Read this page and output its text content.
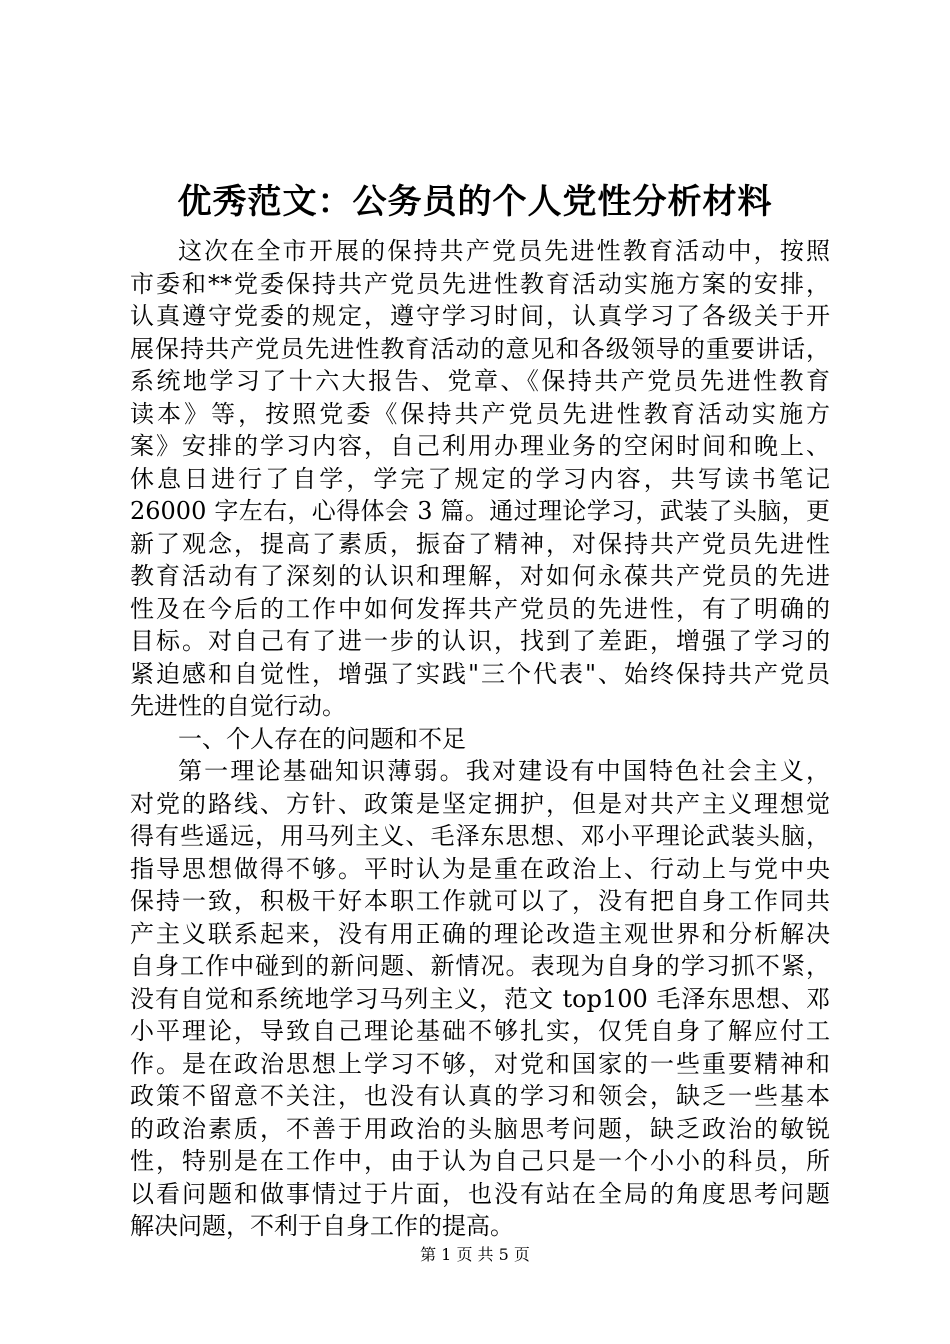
优秀范文：公务员的个人党性分析材料
这次在全市开展的保持共产党员先进性教育活动中，按照
市委和**党委保持共产党员先进性教育活动实施方案的安排，
认真遵守党委的规定，遵守学习时间，认真学习了各级关于开
展保持共产党员先进性教育活动的意见和各级领导的重要讲话，
系统地学习了十六大报告、党章、《保持共产党员先进性教育
读本》等，按照党委《保持共产党员先进性教育活动实施方
案》安排的学习内容，自己利用办理业务的空闲时间和晚上、
休息日进行了自学，学完了规定的学习内容，共写读书笔记
26000 字左右，心得体会 3 篇。通过理论学习，武装了头脑，更
新了观念，提高了素质，振奋了精神，对保持共产党员先进性
教育活动有了深刻的认识和理解，对如何永葆共产党员的先进
性及在今后的工作中如何发挥共产党员的先进性，有了明确的
目标。对自己有了进一步的认识，找到了差距，增强了学习的
紧迫感和自觉性，增强了实践"三个代表"、始终保持共产党员
先进性的自觉行动。
一、个人存在的问题和不足
第一理论基础知识薄弱。我对建设有中国特色社会主义，
对党的路线、方针、政策是坚定拥护，但是对共产主义理想觉
得有些遥远，用马列主义、毛泽东思想、邓小平理论武装头脑，
指导思想做得不够。平时认为是重在政治上、行动上与党中央
保持一致，积极干好本职工作就可以了，没有把自身工作同共
产主义联系起来，没有用正确的理论改造主观世界和分析解决
自身工作中碰到的新问题、新情况。表现为自身的学习抓不紧，
没有自觉和系统地学习马列主义，范文 top100 毛泽东思想、邓
小平理论，导致自己理论基础不够扎实，仅凭自身了解应付工
作。是在政治思想上学习不够，对党和国家的一些重要精神和
政策不留意不关注，也没有认真的学习和领会，缺乏一些基本
的政治素质，不善于用政治的头脑思考问题，缺乏政治的敏锐
性，特别是在工作中，由于认为自己只是一个小小的科员，所
以看问题和做事情过于片面，也没有站在全局的角度思考问题
解决问题，不利于自身工作的提高。
第 1 页 共 5 页
